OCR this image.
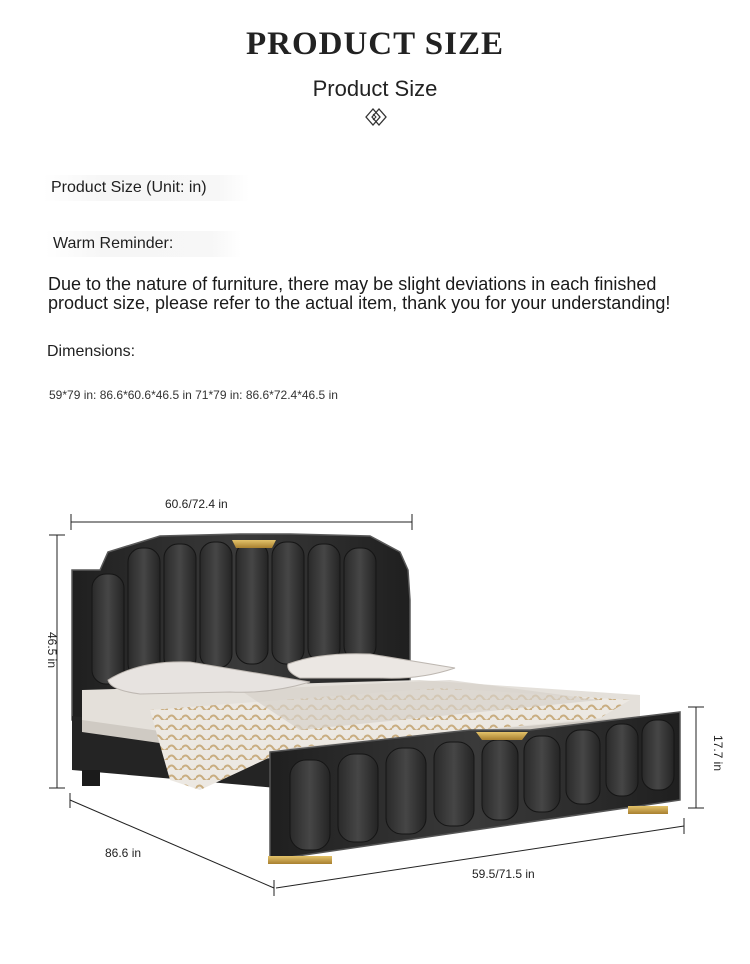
PRODUCT SIZE
Product Size
Product Size (Unit: in)
Warm Reminder:
Due to the nature of furniture, there may be slight deviations in each finished product size, please refer to the actual item, thank you for your understanding!
Dimensions:
59*79 in: 86.6*60.6*46.5 in 71*79 in: 86.6*72.4*46.5 in
60.6/72.4 in
46.5 in
17.7 in
86.6 in
59.5/71.5 in
